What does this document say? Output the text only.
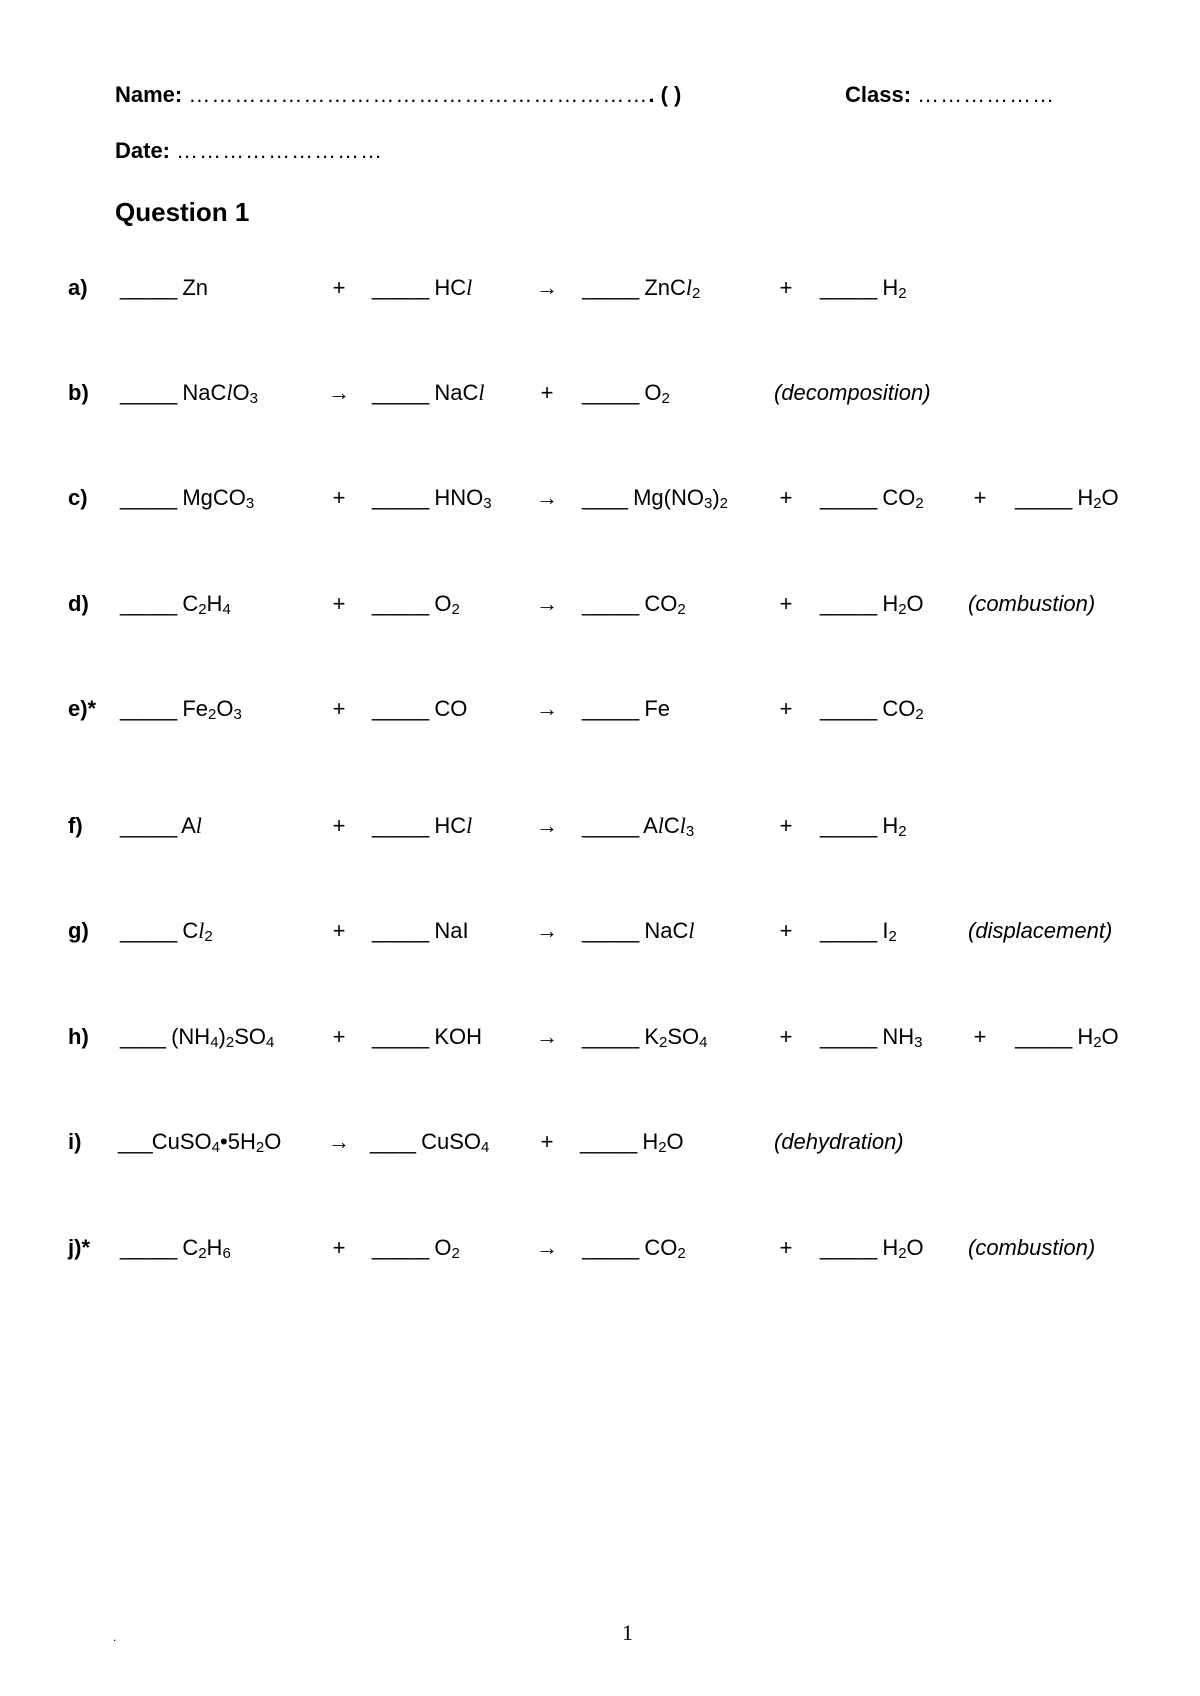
Name: ……………………………………………………. ( )	Class: ………………
Date: ………………………
Question 1
a) _____ Zn	+ _____ HCl	→ _____ ZnCl$_2$	+ _____ $H_2$
b) _____ NaClO$_3$	→ _____ NaCl	+ _____ $O_2$	(decomposition)
c) _____ MgCO$_3$	+ _____ $HNO_3$ → ____ $Mg(NO_3)_2$ + _____ $CO_2$ + _____ $H_2O$
d) _____ $C_2H_4$	+ _____ $O_2$	→ _____ $CO_2$	+ _____ $H_2O$ (combustion)
e)* _____ $Fe_2O_3$	+ _____ CO	→ _____ Fe	+ _____ $CO_2$
f) _____ Al	+ _____ HCl	→ _____ AlCl$_3$	+ _____ $H_2$
g) _____ $Cl_2$	+ _____ NaI	→ _____ NaCl	+ _____ $I_2$	(displacement)
h) ____ $(NH_4)_2SO_4$	+ _____ KOH → _____ $K_2SO_4$	+ _____ $NH_3$ + _____ $H_2O$
i) $\_\_\_CuSO_4•5H_2O$ → ____ CuSO$_4$ + _____ $H_2O$	(dehydration)
j)* _____ $C_2H_6$	+ _____ $O_2$	→ _____ $CO_2$	+ _____ $H_2O$ (combustion)
.	1
